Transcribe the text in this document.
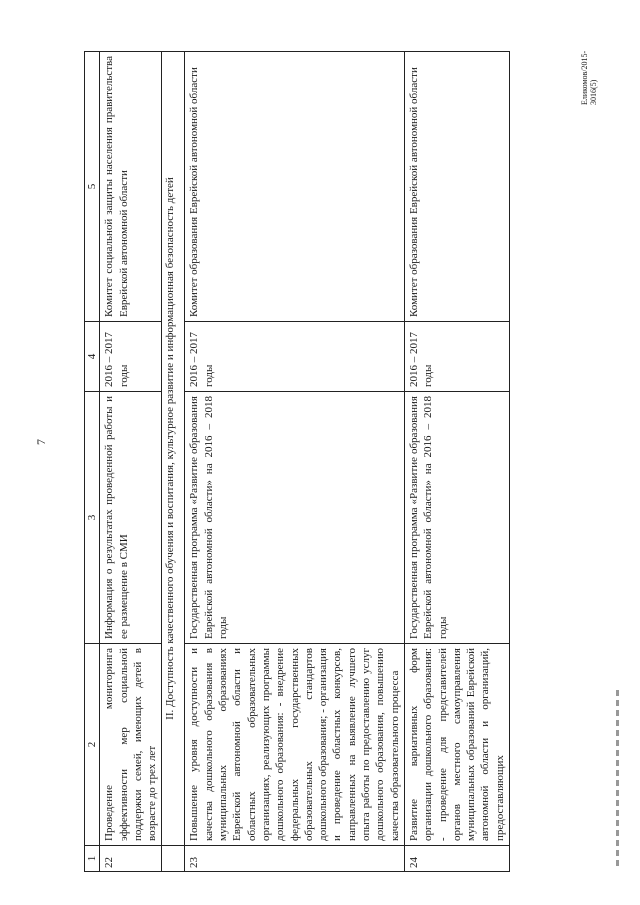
7
1	2	3	4	5
22	Проведение мониторинга эффективности мер социальной поддержки семей, имеющих детей в возрасте до трех лет	Информация о результатах проведенной работы и ее размещение в СМИ	2016 – 2017 годы	Комитет социальной защиты населения правительства Еврейской автономной области
	II. Доступность качественного обучения и воспитания, культурное развитие и информационная безопасность детей			
23	Повышение уровня доступности и качества дошкольного образования в муниципальных образованиях Еврейской автономной области и областных образовательных организациях, реализующих программы дошкольного образования: - внедрение федеральных государственных образовательных стандартов дошкольного образования; - организация и проведение областных конкурсов, направленных на выявление лучшего опыта работы по предоставлению услуг дошкольного образования, повышению качества образовательного процесса	Государственная программа «Развитие образования Еврейской автономной области» на 2016 – 2018 годы	2016 – 2017 годы	Комитет образования Еврейской автономной области
24	Развитие вариативных форм организации дошкольного образования: - проведение для представителей органов местного самоуправления муниципальных образований Еврейской автономной области и организаций, предоставляющих	Государственная программа «Развитие образования Еврейской автономной области» на 2016 – 2018 годы	2016 – 2017 годы	Комитет образования Еврейской автономной области	Еликомов/2015-3016(5)
